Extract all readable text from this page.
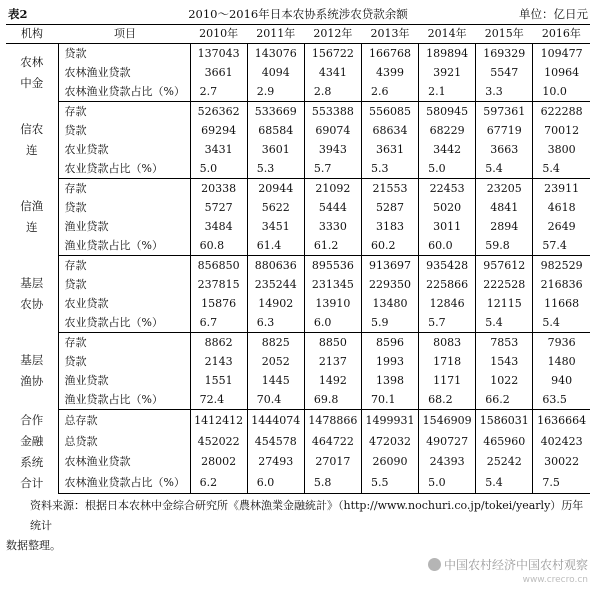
表2	2010～2016年日本农协系统涉农贷款余额	单位：亿日元
机构	项目	2010年	2011年	2012年	2013年	2014年	2015年	2016年
农林中金	贷款	137043	143076	156722	166768	189894	169329	109477
	农林渔业贷款	3661	4094	4341	4399	3921	5547	10964
	农林渔业贷款占比（%）	2.7	2.9	2.8	2.6	2.1	3.3	10.0
信农连	存款	526362	533669	553388	556085	580945	597361	622288
	贷款	69294	68584	69074	68634	68229	67719	70012
	农业贷款	3431	3601	3943	3631	3442	3663	3800
	农业贷款占比（%）	5.0	5.3	5.7	5.3	5.0	5.4	5.4
信渔连	存款	20338	20944	21092	21553	22453	23205	23911
	贷款	5727	5622	5444	5287	5020	4841	4618
	渔业贷款	3484	3451	3330	3183	3011	2894	2649
	渔业贷款占比（%）	60.8	61.4	61.2	60.2	60.0	59.8	57.4
基层农协	存款	856850	880636	895536	913697	935428	957612	982529
	贷款	237815	235244	231345	229350	225866	222528	216836
	农业贷款	15876	14902	13910	13480	12846	12115	11668
	农业贷款占比（%）	6.7	6.3	6.0	5.9	5.7	5.4	5.4
基层渔协	存款	8862	8825	8850	8596	8083	7853	7936
	贷款	2143	2052	2137	1993	1718	1543	1480
	渔业贷款	1551	1445	1492	1398	1171	1022	940
	渔业贷款占比（%）	72.4	70.4	69.8	70.1	68.2	66.2	63.5
合作金融系统合计	总存款	1412412	1444074	1478866	1499931	1546909	1586031	1636664
	总贷款	452022	454578	464722	472032	490727	465960	402423
	农林渔业贷款	28002	27493	27017	26090	24393	25242	30022
	农林渔业贷款占比（%）	6.2	6.0	5.8	5.5	5.0	5.4	7.5
资料来源：根据日本农林中金综合研究所《農林漁業金融統計》（http://www.nochuri.co.jp/tokei/yearly）历年统计
数据整理。
中国农村经济中国农村观察
www.crecro.cn
